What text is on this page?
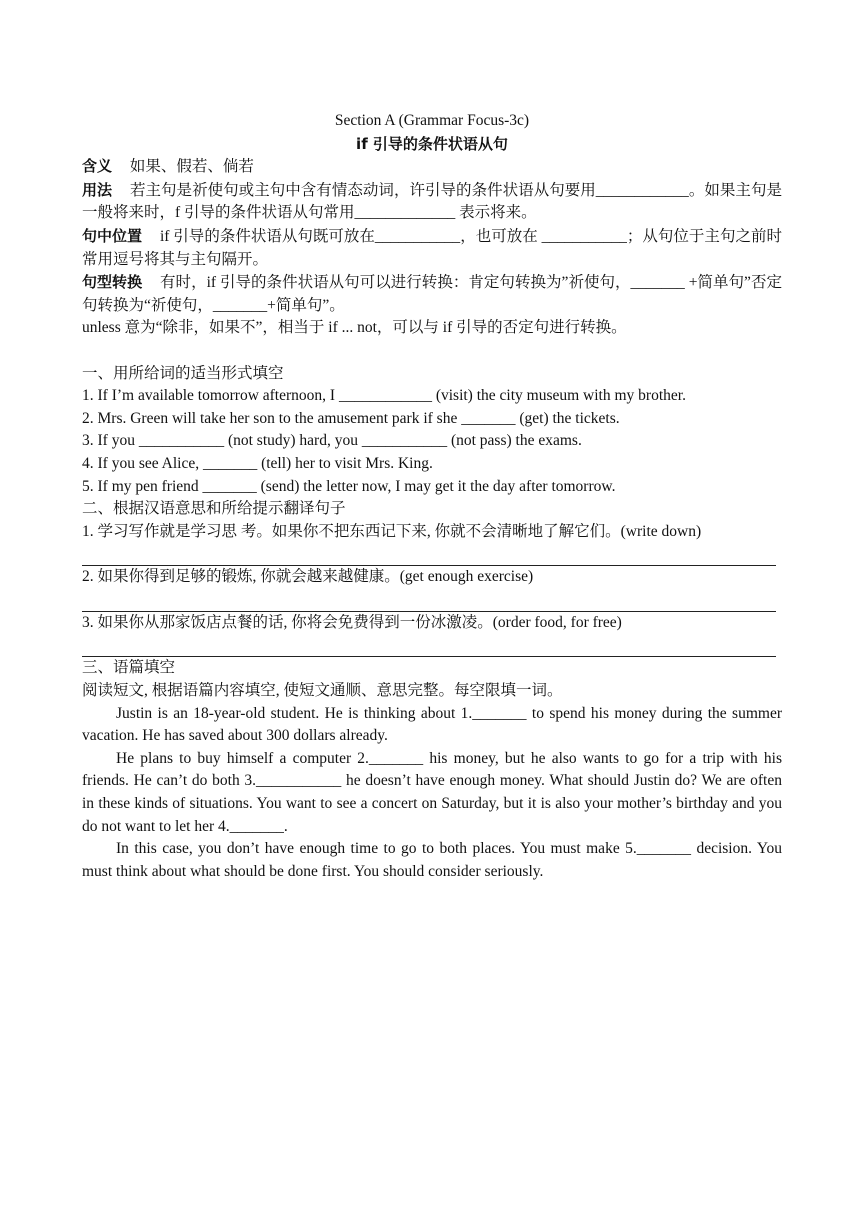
Section A (Grammar Focus-3c)

if 引导的条件状语从句

含义 如果、假若、倘若

用法 若主句是祈使句或主句中含有情态动词，许引导的条件状语从句要用____________。如果主句是一般将来时，f 引导的条件状语从句常用_____________ 表示将来。

句中位置 if 引导的条件状语从句既可放在___________，也可放在 ___________；从句位于主句之前时常用逗号将其与主句隔开。

句型转换 有时，if 引导的条件状语从句可以进行转换：肯定句转换为”祈使句，_______ +简单句”否定句转换为“祈使句，_______+简单句”。

unless 意为“除非，如果不”，相当于 if ... not，可以与 if 引导的否定句进行转换。

一、用所给词的适当形式填空

1. If I’m available tomorrow afternoon, I ____________ (visit) the city museum with my brother.

2. Mrs. Green will take her son to the amusement park if she _______ (get) the tickets.

3. If you ___________ (not study) hard, you ___________ (not pass) the exams.

4. If you see Alice, _______ (tell) her to visit Mrs. King.

5. If my pen friend _______ (send) the letter now, I may get it the day after tomorrow.

二、根据汉语意思和所给提示翻译句子

1. 学习写作就是学习思 考。如果你不把东西记下来, 你就不会清晰地了解它们。(write down)

2. 如果你得到足够的锻炼, 你就会越来越健康。(get enough exercise)

3. 如果你从那家饭店点餐的话, 你将会免费得到一份冰激凌。(order food, for free)

三、语篇填空

阅读短文, 根据语篇内容填空, 使短文通顺、意思完整。每空限填一词。

Justin is an 18-year-old student. He is thinking about 1._______ to spend his money during the summer vacation. He has saved about 300 dollars already.

He plans to buy himself a computer 2._______ his money, but he also wants to go for a trip with his friends. He can’t do both 3.___________ he doesn’t have enough money. What should Justin do? We are often in these kinds of situations. You want to see a concert on Saturday, but it is also your mother’s birthday and you do not want to let her 4._______.

In this case, you don’t have enough time to go to both places. You must make 5._______ decision. You must think about what should be done first. You should consider seriously.
